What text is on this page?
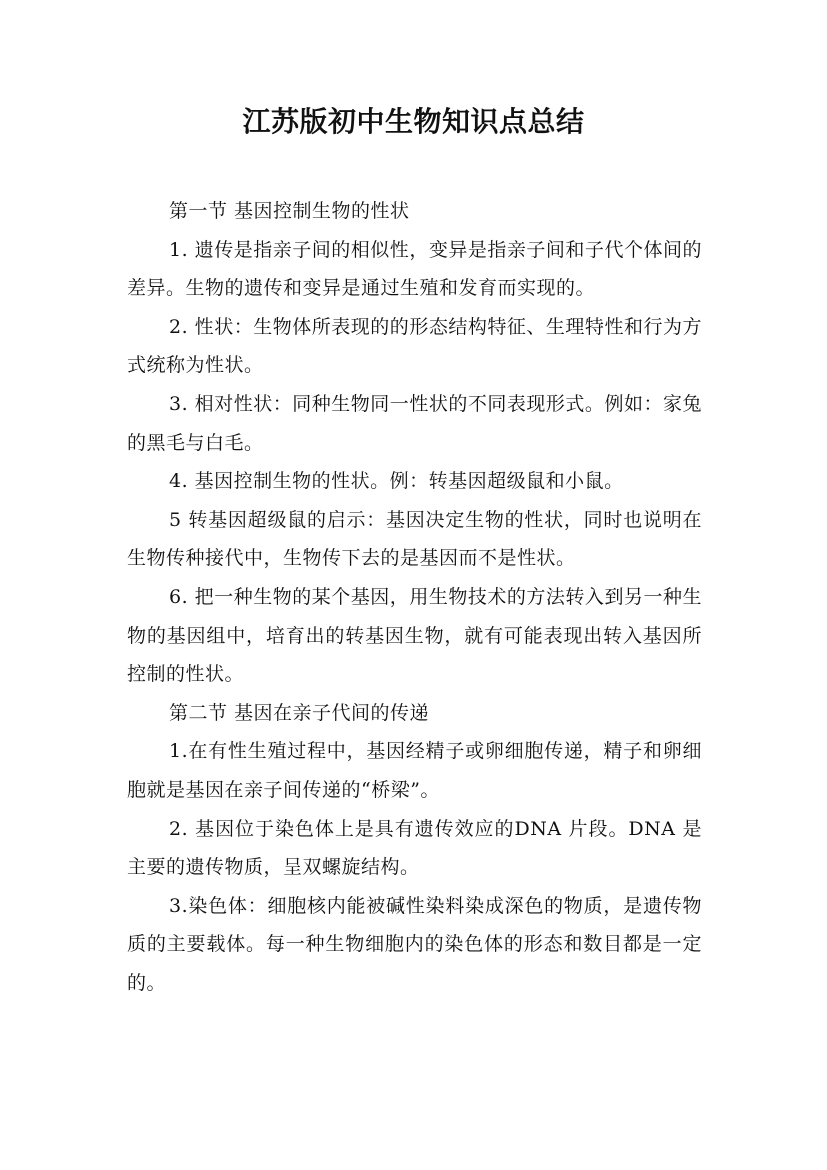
江苏版初中生物知识点总结

第一节 基因控制生物的性状

1. 遗传是指亲子间的相似性，变异是指亲子间和子代个体间的差异。生物的遗传和变异是通过生殖和发育而实现的。

2. 性状：生物体所表现的的形态结构特征、生理特性和行为方式统称为性状。

3. 相对性状：同种生物同一性状的不同表现形式。例如：家兔的黑毛与白毛。

4. 基因控制生物的性状。例：转基因超级鼠和小鼠。

5 转基因超级鼠的启示：基因决定生物的性状，同时也说明在生物传种接代中，生物传下去的是基因而不是性状。

6. 把一种生物的某个基因，用生物技术的方法转入到另一种生物的基因组中，培育出的转基因生物，就有可能表现出转入基因所控制的性状。

第二节 基因在亲子代间的传递

1.在有性生殖过程中，基因经精子或卵细胞传递，精子和卵细胞就是基因在亲子间传递的“桥梁”。

2. 基因位于染色体上是具有遗传效应的DNA 片段。DNA 是主要的遗传物质，呈双螺旋结构。

3.染色体：细胞核内能被碱性染料染成深色的物质，是遗传物质的主要载体。每一种生物细胞内的染色体的形态和数目都是一定的。
